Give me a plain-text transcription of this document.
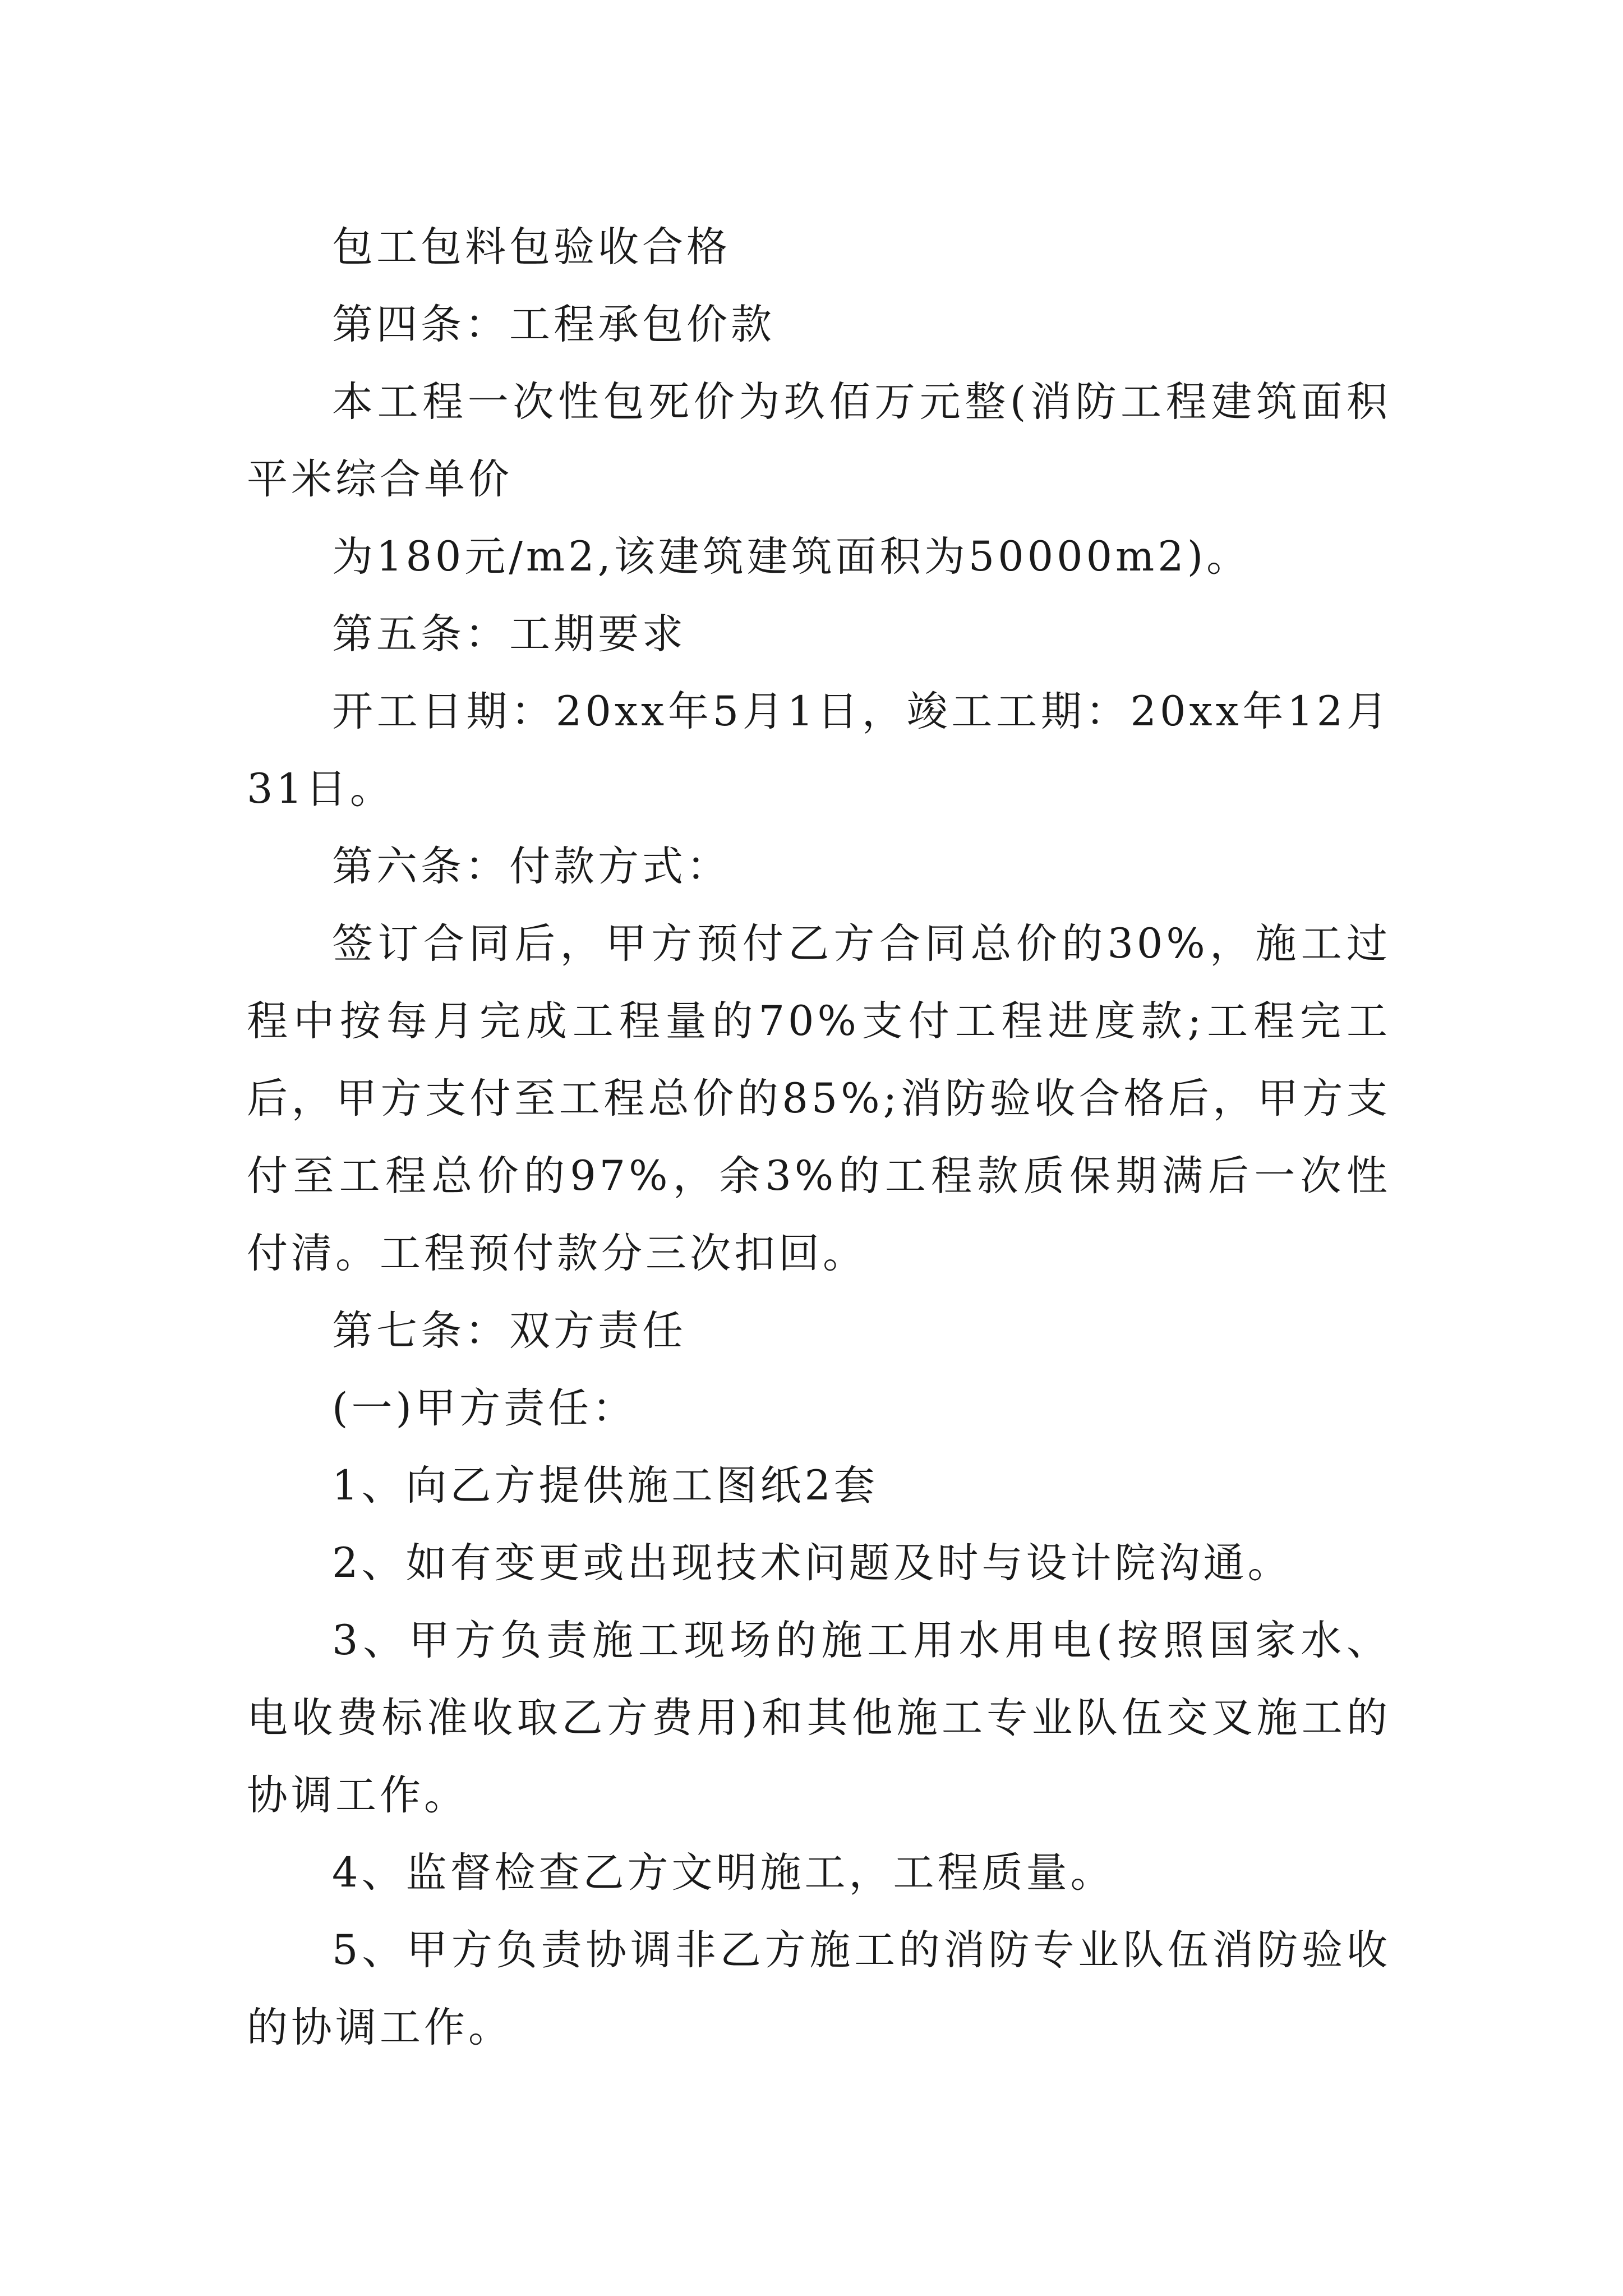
包工包料包验收合格

第四条：工程承包价款

本工程一次性包死价为玖佰万元整(消防工程建筑面积平米综合单价

为180元/m2,该建筑建筑面积为50000m2)。

第五条：工期要求

开工日期：20xx年5月1日，竣工工期：20xx年12月31日。

第六条：付款方式：

签订合同后，甲方预付乙方合同总价的30%，施工过程中按每月完成工程量的70%支付工程进度款;工程完工后，甲方支付至工程总价的85%;消防验收合格后，甲方支付至工程总价的97%，余3%的工程款质保期满后一次性付清。工程预付款分三次扣回。

第七条：双方责任

(一)甲方责任：

1、向乙方提供施工图纸2套

2、如有变更或出现技术问题及时与设计院沟通。

3、甲方负责施工现场的施工用水用电(按照国家水、电收费标准收取乙方费用)和其他施工专业队伍交叉施工的协调工作。

4、监督检查乙方文明施工，工程质量。

5、甲方负责协调非乙方施工的消防专业队伍消防验收的协调工作。
